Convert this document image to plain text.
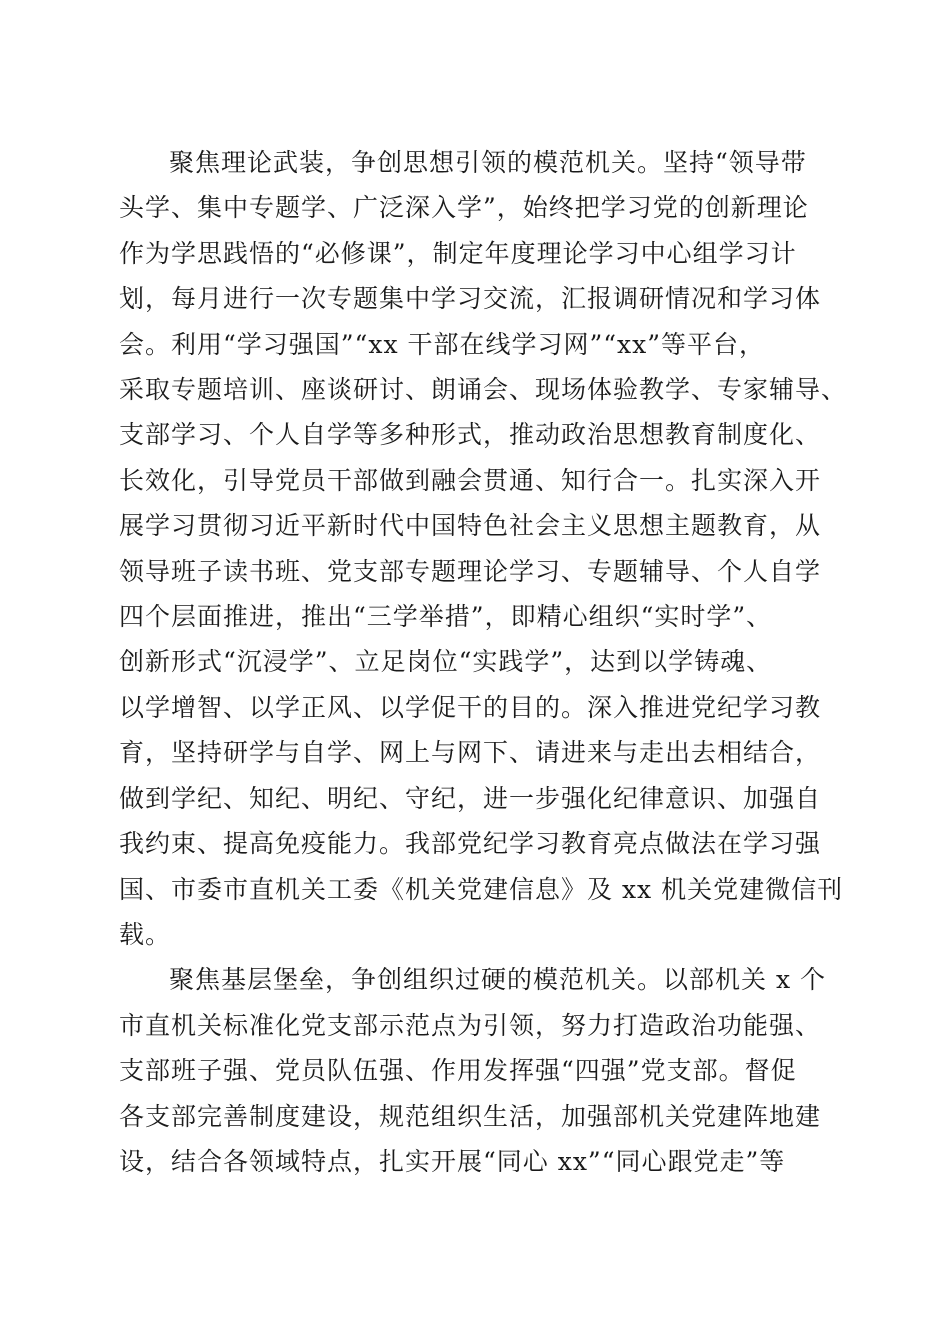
聚焦理论武装，争创思想引领的模范机关。坚持“领导带
头学、集中专题学、广泛深入学”，始终把学习党的创新理论
作为学思践悟的“必修课”，制定年度理论学习中心组学习计
划，每月进行一次专题集中学习交流，汇报调研情况和学习体
会。利用“学习强国”“xx 干部在线学习网”“xx”等平台，
采取专题培训、座谈研讨、朗诵会、现场体验教学、专家辅导、
支部学习、个人自学等多种形式，推动政治思想教育制度化、
长效化，引导党员干部做到融会贯通、知行合一。扎实深入开
展学习贯彻习近平新时代中国特色社会主义思想主题教育，从
领导班子读书班、党支部专题理论学习、专题辅导、个人自学
四个层面推进，推出“三学举措”，即精心组织“实时学”、
创新形式“沉浸学”、立足岗位“实践学”，达到以学铸魂、
以学增智、以学正风、以学促干的目的。深入推进党纪学习教
育，坚持研学与自学、网上与网下、请进来与走出去相结合，
做到学纪、知纪、明纪、守纪，进一步强化纪律意识、加强自
我约束、提高免疫能力。我部党纪学习教育亮点做法在学习强
国、市委市直机关工委《机关党建信息》及 xx 机关党建微信刊
载。

聚焦基层堡垒，争创组织过硬的模范机关。以部机关 x 个
市直机关标准化党支部示范点为引领，努力打造政治功能强、
支部班子强、党员队伍强、作用发挥强“四强”党支部。督促
各支部完善制度建设，规范组织生活，加强部机关党建阵地建
设，结合各领域特点，扎实开展“同心 xx”“同心跟党走”等
